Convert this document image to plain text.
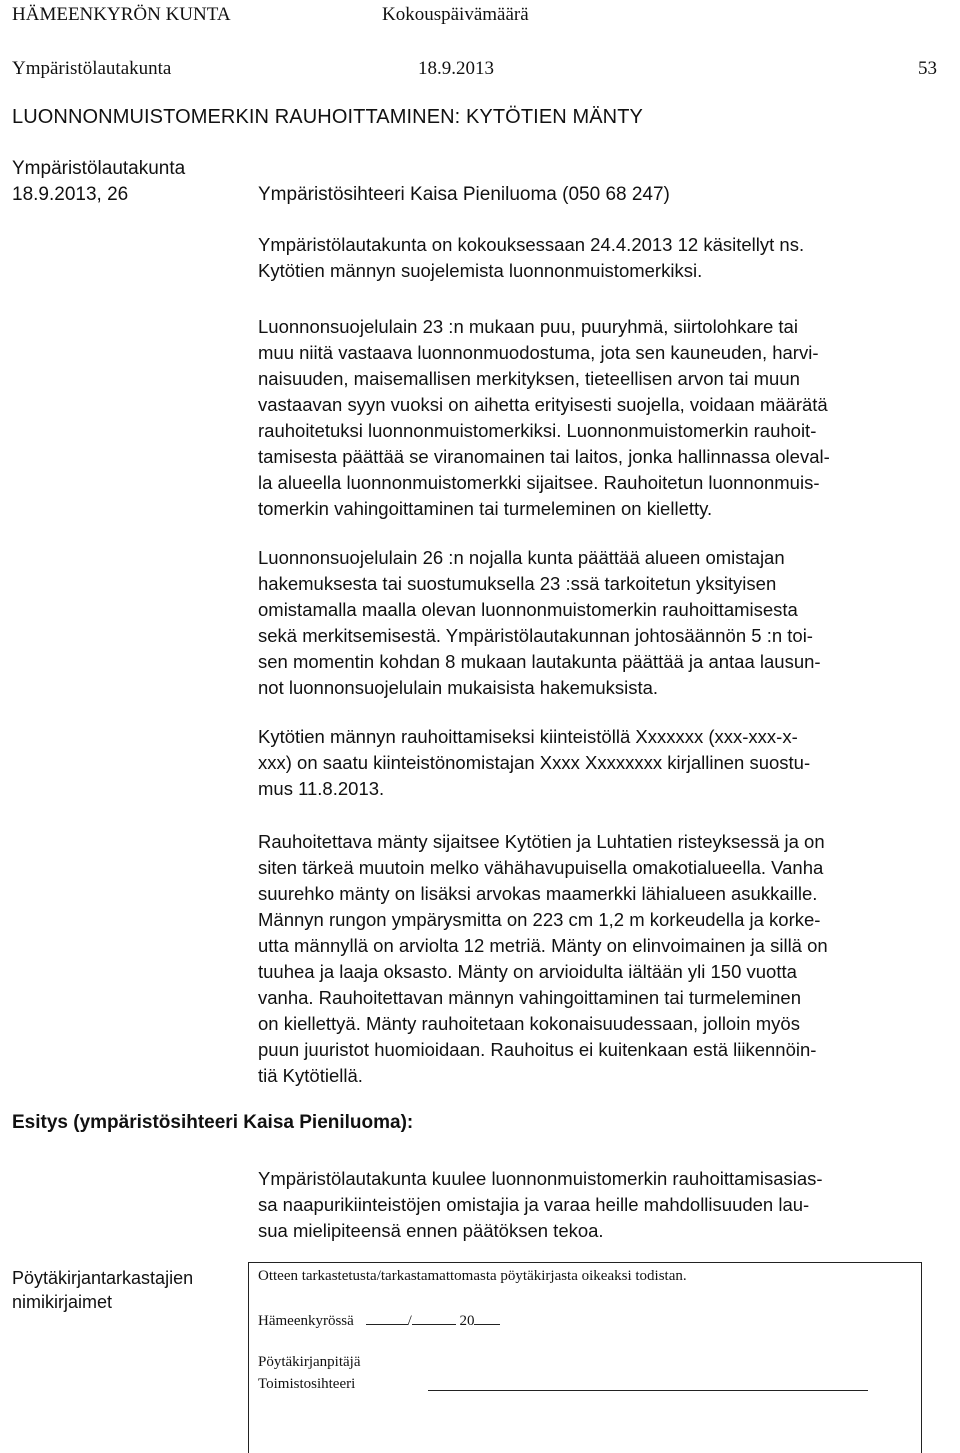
HÄMEENKYRÖN KUNTA	Kokouspäivämäärä
Ympäristölautakunta	18.9.2013	53
LUONNONMUISTOMERKIN RAUHOITTAMINEN: KYTÖTIEN MÄNTY
Ympäristölautakunta
18.9.2013, 26	Ympäristösihteeri Kaisa Pieniluoma (050 68 247)
Ympäristölautakunta on kokouksessaan 24.4.2013 12 käsitellyt ns.
Kytötien männyn suojelemista luonnonmuistomerkiksi.
Luonnonsuojelulain 23 :n mukaan puu, puuryhmä, siirtolohkare tai
muu niitä vastaava luonnonmuodostuma, jota sen kauneuden, harvi-
naisuuden, maisemallisen merkityksen, tieteellisen arvon tai muun
vastaavan syyn vuoksi on aihetta erityisesti suojella, voidaan määrätä
rauhoitetuksi luonnonmuistomerkiksi. Luonnonmuistomerkin rauhoit-
tamisesta päättää se viranomainen tai laitos, jonka hallinnassa oleval-
la alueella luonnonmuistomerkki sijaitsee. Rauhoitetun luonnonmuis-
tomerkin vahingoittaminen tai turmeleminen on kielletty.
Luonnonsuojelulain 26 :n nojalla kunta päättää alueen omistajan
hakemuksesta tai suostumuksella 23 :ssä tarkoitetun yksityisen
omistamalla maalla olevan luonnonmuistomerkin rauhoittamisesta
sekä merkitsemisestä. Ympäristölautakunnan johtosäännön 5 :n toi-
sen momentin kohdan 8 mukaan lautakunta päättää ja antaa lausun-
not luonnonsuojelulain mukaisista hakemuksista.
Kytötien männyn rauhoittamiseksi kiinteistöllä Xxxxxxx (xxx-xxx-x-
xxx) on saatu kiinteistönomistajan Xxxx Xxxxxxxx kirjallinen suostu-
mus 11.8.2013.
Rauhoitettava mänty sijaitsee Kytötien ja Luhtatien risteyksessä ja on
siten tärkeä muutoin melko vähähavupuisella omakotialueella. Vanha
suurehko mänty on lisäksi arvokas maamerkki lähialueen asukkaille.
Männyn rungon ympärysmitta on 223 cm 1,2 m korkeudella ja korke-
utta männyllä on arviolta 12 metriä. Mänty on elinvoimainen ja sillä on
tuuhea ja laaja oksasto. Mänty on arvioidulta iältään yli 150 vuotta
vanha. Rauhoitettavan männyn vahingoittaminen tai turmeleminen
on kiellettyä. Mänty rauhoitetaan kokonaisuudessaan, jolloin myös
puun juuristot huomioidaan. Rauhoitus ei kuitenkaan estä liikennöin-
tiä Kytötiellä.
Esitys (ympäristösihteeri Kaisa Pieniluoma):
Ympäristölautakunta kuulee luonnonmuistomerkin rauhoittamisasias-
sa naapurikiinteistöjen omistajia ja varaa heille mahdollisuuden lau-
sua mielipiteensä ennen päätöksen tekoa.
Pöytäkirjantarkastajien
nimikirjaimet
Otteen tarkastetusta/tarkastamattomasta pöytäkirjasta oikeaksi todistan.
Hämeenkyrössä	/	20
Pöytäkirjanpitäjä
Toimistosihteeri
